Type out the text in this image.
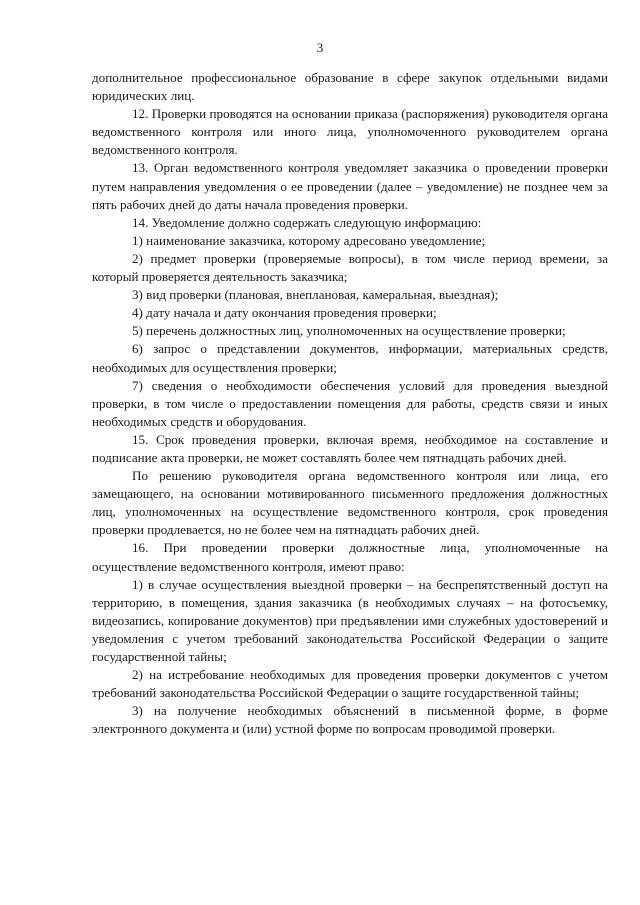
3

дополнительное профессиональное образование в сфере закупок отдельными видами юридических лиц.

12. Проверки проводятся на основании приказа (распоряжения) руководителя органа ведомственного контроля или иного лица, уполномоченного руководителем органа ведомственного контроля.

13. Орган ведомственного контроля уведомляет заказчика о проведении проверки путем направления уведомления о ее проведении (далее – уведомление) не позднее чем за пять рабочих дней до даты начала проведения проверки.

14. Уведомление должно содержать следующую информацию:

1) наименование заказчика, которому адресовано уведомление;

2) предмет проверки (проверяемые вопросы), в том числе период времени, за который проверяется деятельность заказчика;

3) вид проверки (плановая, внеплановая, камеральная, выездная);

4) дату начала и дату окончания проведения проверки;

5) перечень должностных лиц, уполномоченных на осуществление проверки;

6) запрос о представлении документов, информации, материальных средств, необходимых для осуществления проверки;

7) сведения о необходимости обеспечения условий для проведения выездной проверки, в том числе о предоставлении помещения для работы, средств связи и иных необходимых средств и оборудования.

15. Срок проведения проверки, включая время, необходимое на составление и подписание акта проверки, не может составлять более чем пятнадцать рабочих дней.

По решению руководителя органа ведомственного контроля или лица, его замещающего, на основании мотивированного письменного предложения должностных лиц, уполномоченных на осуществление ведомственного контроля, срок проведения проверки продлевается, но не более чем на пятнадцать рабочих дней.

16. При проведении проверки должностные лица, уполномоченные на осуществление ведомственного контроля, имеют право:

1) в случае осуществления выездной проверки – на беспрепятственный доступ на территорию, в помещения, здания заказчика (в необходимых случаях – на фотосъемку, видеозапись, копирование документов) при предъявлении ими служебных удостоверений и уведомления с учетом требований законодательства Российской Федерации о защите государственной тайны;

2) на истребование необходимых для проведения проверки документов с учетом требований законодательства Российской Федерации о защите государственной тайны;

3) на получение необходимых объяснений в письменной форме, в форме электронного документа и (или) устной форме по вопросам проводимой проверки.
